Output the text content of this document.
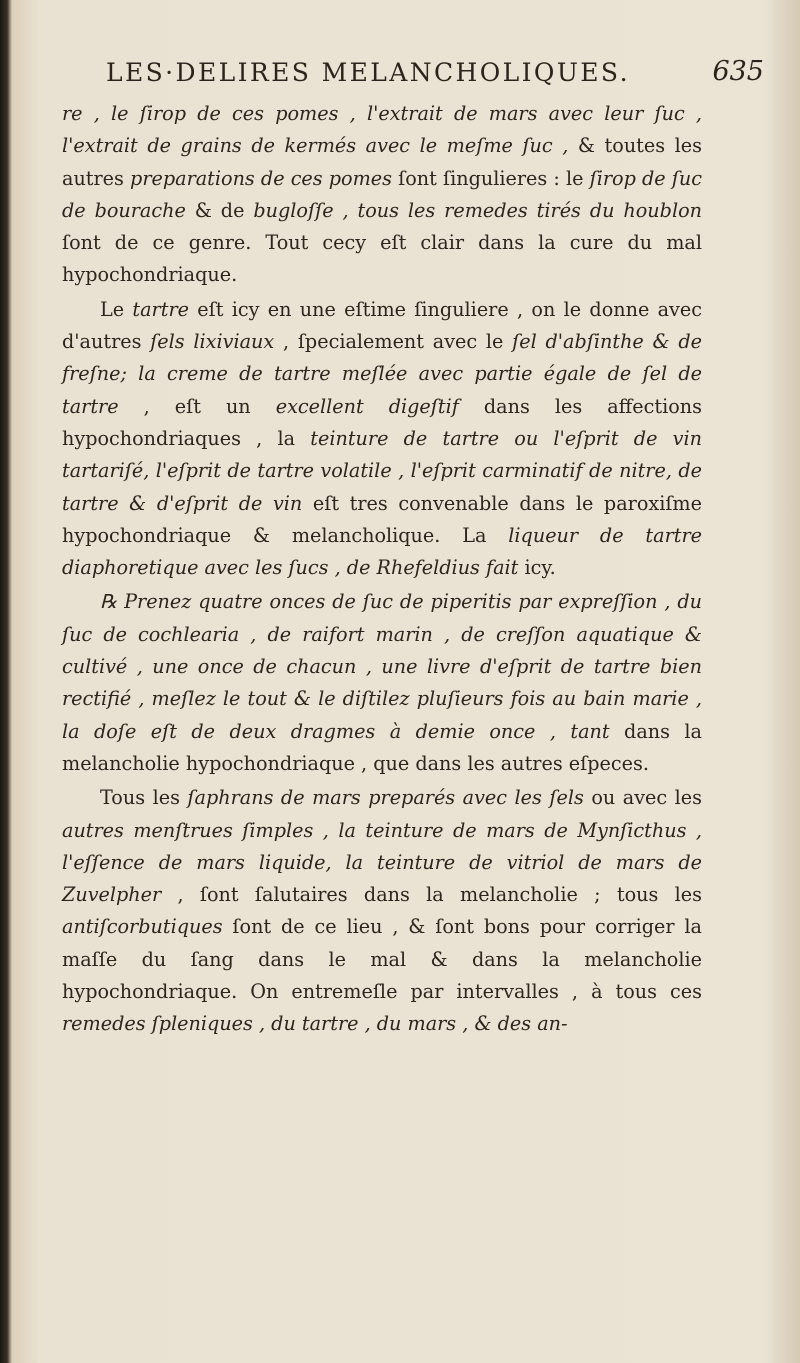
LES·DELIRES MELANCHOLIQUES.	635

re , le ſirop de ces pomes , l'extrait de mars avec leur ſuc , l'extrait de grains de kermés avec le meſme ſuc , & toutes les autres preparations de ces pomes ſont ſingulieres : le ſirop de ſuc de bourache & de bugloſſe , tous les remedes tirés du houblon ſont de ce genre. Tout cecy eſt clair dans la cure du mal hypochondriaque.

Le tartre eſt icy en une eſtime ſinguliere , on le donne avec d'autres ſels lixiviaux , ſpecialement avec le ſel d'abſinthe & de freſne; la creme de tartre meſlée avec partie égale de ſel de tartre , eſt un excellent digeſtif dans les affections hypochondriaques , la teinture de tartre ou l'eſprit de vin tartariſé, l'eſprit de tartre volatile , l'eſprit carminatif de nitre, de tartre & d'eſprit de vin eſt tres convenable dans le paroxiſme hypochondriaque & melancholique. La liqueur de tartre diaphoretique avec les ſucs , de Rhefeldius fait icy.

℞ Prenez quatre onces de ſuc de piperitis par expreſſion , du ſuc de cochlearia , de raifort marin , de creſſon aquatique & cultivé , une once de chacun , une livre d'eſprit de tartre bien rectifié , meſlez le tout & le diſtilez pluſieurs fois au bain marie , la doſe eſt de deux dragmes à demie once , tant dans la melancholie hypochondriaque , que dans les autres eſpeces.

Tous les ſaphrans de mars preparés avec les ſels ou avec les autres menſtrues ſimples , la teinture de mars de Mynſicthus , l'eſſence de mars liquide, la teinture de vitriol de mars de Zuvelpher , ſont ſalutaires dans la melancholie ; tous les antiſcorbutiques ſont de ce lieu , & ſont bons pour corriger la maſſe du ſang dans le mal & dans la melancholie hypochondriaque. On entremeſle par intervalles , à tous ces remedes ſpleniques , du tartre , du mars , & des an-
